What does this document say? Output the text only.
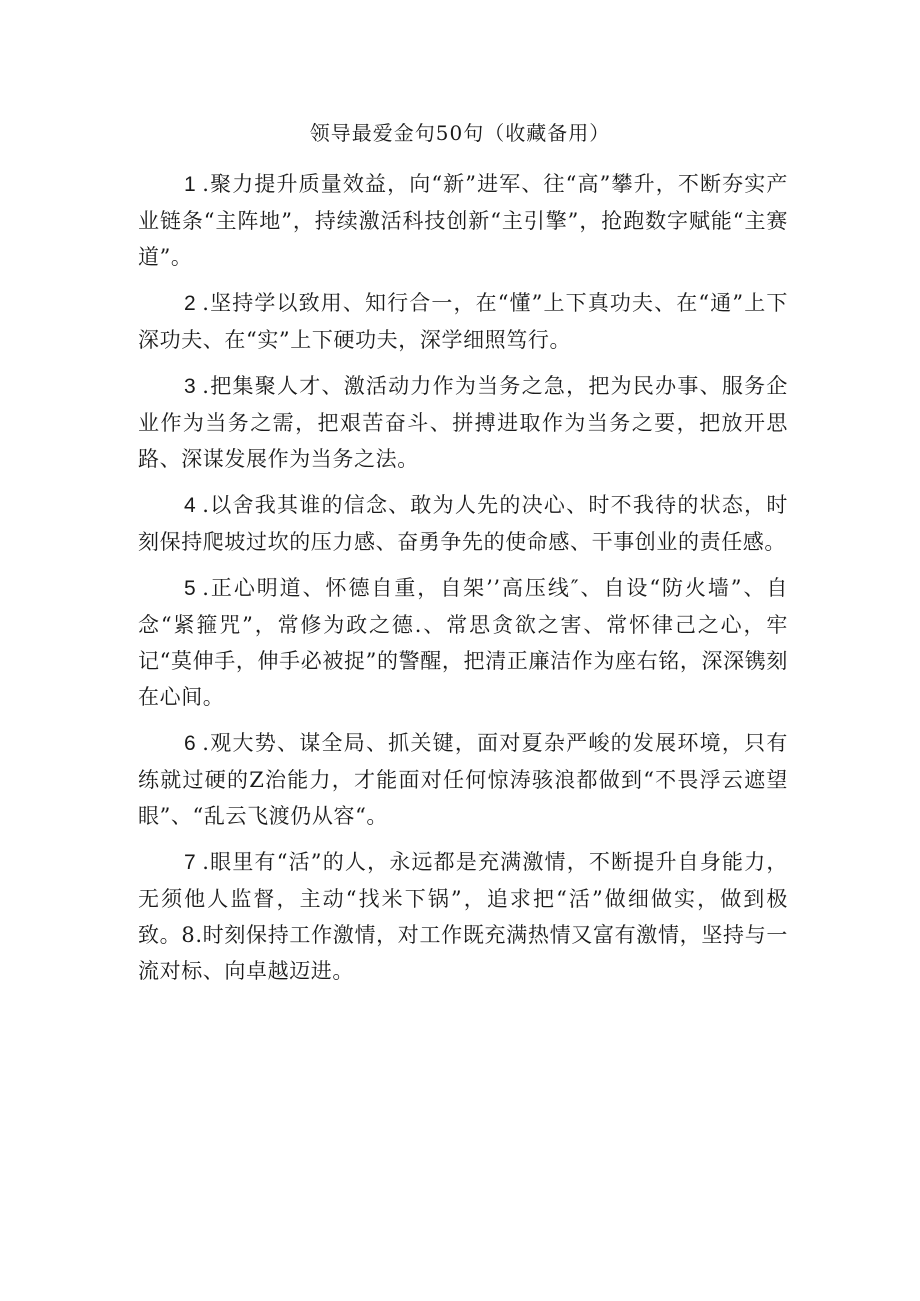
领导最爱金句50句（收藏备用）

1 .聚力提升质量效益，向“新”进军、往“高”攀升，不断夯实产业链条“主阵地”，持续激活科技创新“主引擎”，抢跑数字赋能“主赛道”。

2 .坚持学以致用、知行合一，在“懂”上下真功夫、在“通”上下深功夫、在“实”上下硬功夫，深学细照笃行。

3 .把集聚人才、激活动力作为当务之急，把为民办事、服务企业作为当务之需，把艰苦奋斗、拼搏进取作为当务之要，把放开思路、深谋发展作为当务之法。

4 .以舍我其谁的信念、敢为人先的决心、时不我待的状态，时刻保持爬坡过坎的压力感、奋勇争先的使命感、干事创业的责任感。

5 .正心明道、怀德自重，自架’’高压线″、自设“防火墙”、自念“紧箍咒”，常修为政之德.、常思贪欲之害、常怀律己之心，牢记“莫伸手，伸手必被捉”的警醒，把清正廉洁作为座右铭，深深镌刻在心间。

6 .观大势、谋全局、抓关键，面对夏杂严峻的发展环境，只有练就过硬的Z治能力，才能面对任何惊涛骇浪都做到“不畏浮云遮望眼”、“乱云飞渡仍从容“。

7 .眼里有“活”的人，永远都是充满激情，不断提升自身能力，无须他人监督，主动“找米下锅”，追求把“活”做细做实，做到极致。8.时刻保持工作激情，对工作既充满热情又富有激情，坚持与一流对标、向卓越迈进。
